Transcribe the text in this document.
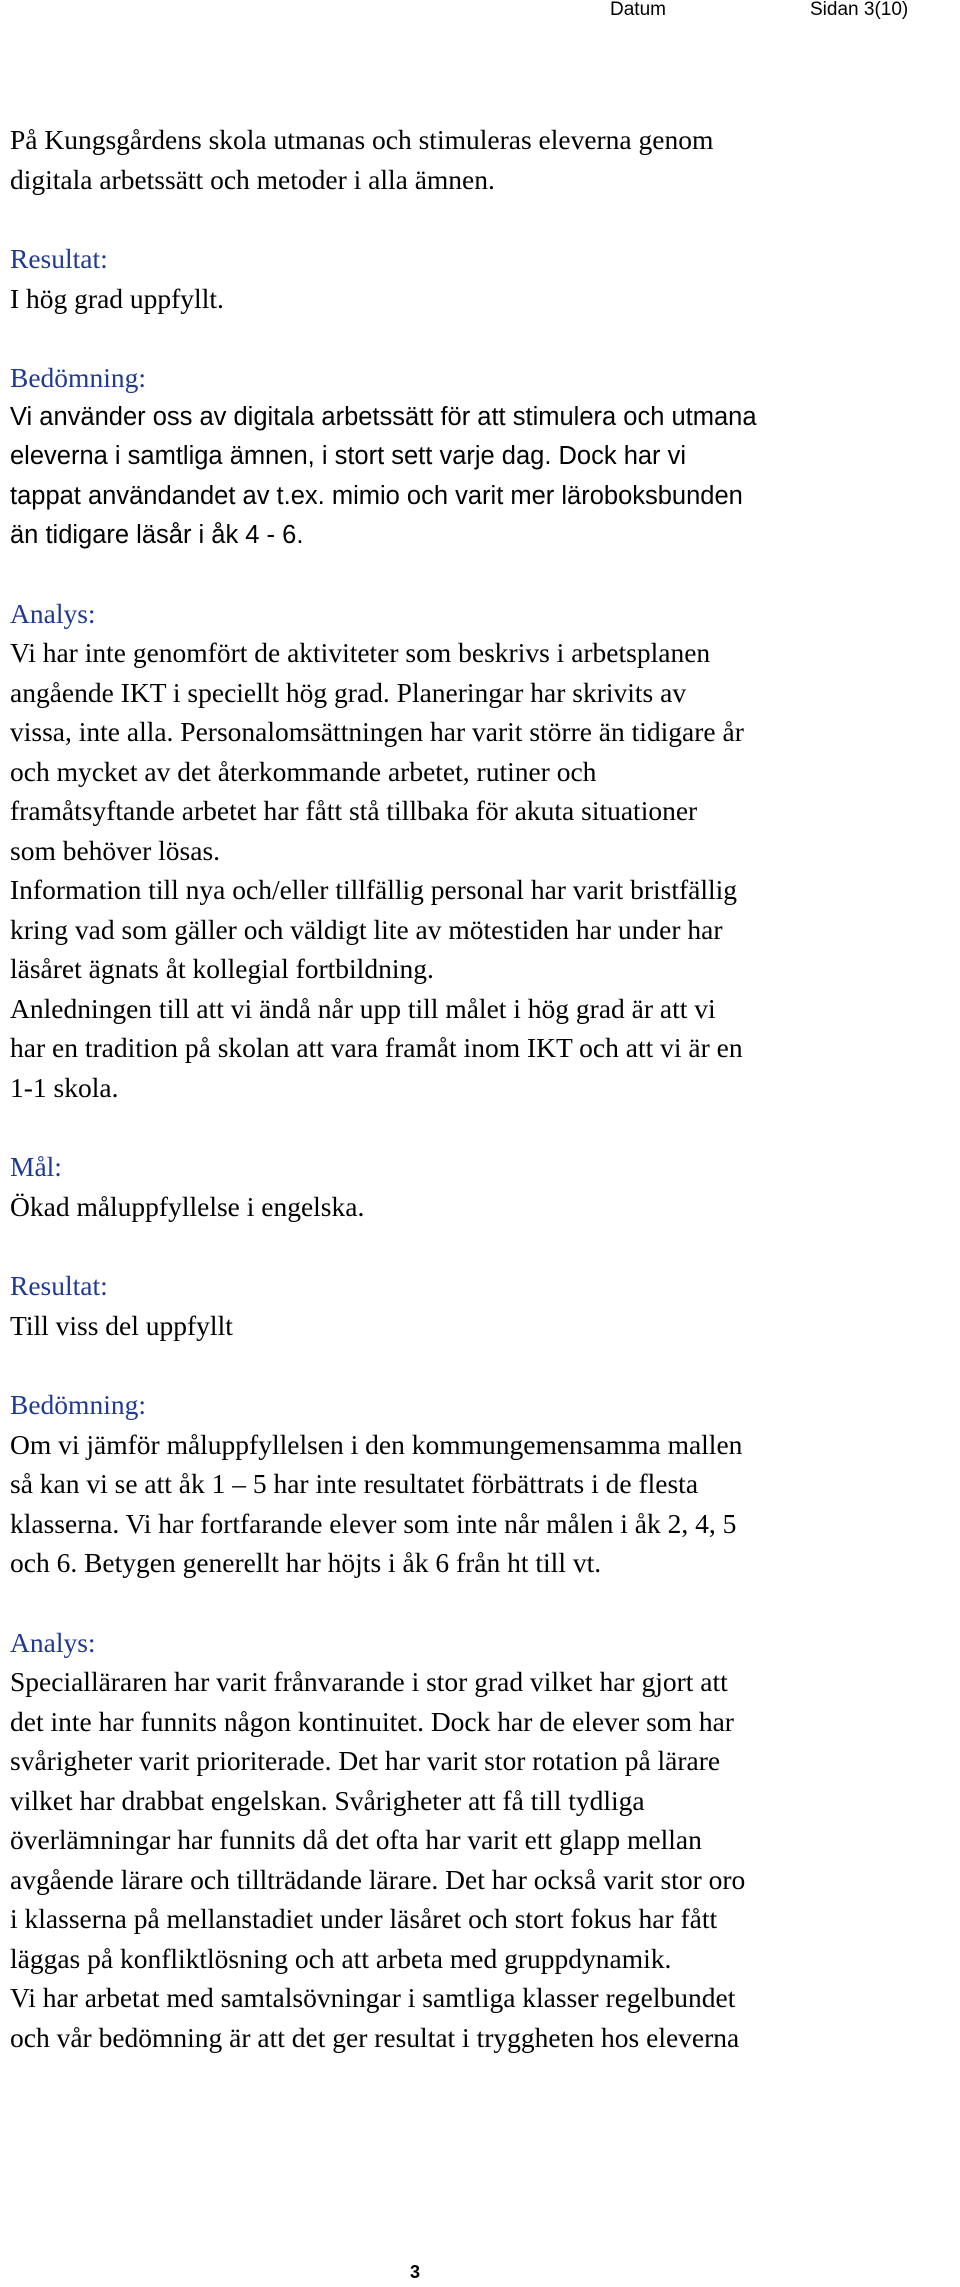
Datum	Sidan 3(10)
På Kungsgårdens skola utmanas och stimuleras eleverna genom
digitala arbetssätt och metoder i alla ämnen.
Resultat:
I hög grad uppfyllt.
Bedömning:
Vi använder oss av digitala arbetssätt för att stimulera och utmana
eleverna i samtliga ämnen, i stort sett varje dag. Dock har vi
tappat användandet av t.ex. mimio och varit mer läroboksbunden
än tidigare läsår i åk 4 - 6.
Analys:
Vi har inte genomfört de aktiviteter som beskrivs i arbetsplanen
angående IKT i speciellt hög grad. Planeringar har skrivits av
vissa, inte alla. Personalomsättningen har varit större än tidigare år
och mycket av det återkommande arbetet, rutiner och
framåtsyftande arbetet har fått stå tillbaka för akuta situationer
som behöver lösas.
Information till nya och/eller tillfällig personal har varit bristfällig
kring vad som gäller och väldigt lite av mötestiden har under har
läsåret ägnats åt kollegial fortbildning.
Anledningen till att vi ändå når upp till målet i hög grad är att vi
har en tradition på skolan att vara framåt inom IKT och att vi är en
1-1 skola.
Mål:
Ökad måluppfyllelse i engelska.
Resultat:
Till viss del uppfyllt
Bedömning:
Om vi jämför måluppfyllelsen i den kommungemensamma mallen
så kan vi se att åk 1 – 5 har inte resultatet förbättrats i de flesta
klasserna. Vi har fortfarande elever som inte når målen i åk 2, 4, 5
och 6. Betygen generellt har höjts i åk 6 från ht till vt.
Analys:
Specialläraren har varit frånvarande i stor grad vilket har gjort att
det inte har funnits någon kontinuitet. Dock har de elever som har
svårigheter varit prioriterade. Det har varit stor rotation på lärare
vilket har drabbat engelskan. Svårigheter att få till tydliga
överlämningar har funnits då det ofta har varit ett glapp mellan
avgående lärare och tillträdande lärare. Det har också varit stor oro
i klasserna på mellanstadiet under läsåret och stort fokus har fått
läggas på konfliktlösning och att arbeta med gruppdynamik.
Vi har arbetat med samtalsövningar i samtliga klasser regelbundet
och vår bedömning är att det ger resultat i tryggheten hos eleverna
3
